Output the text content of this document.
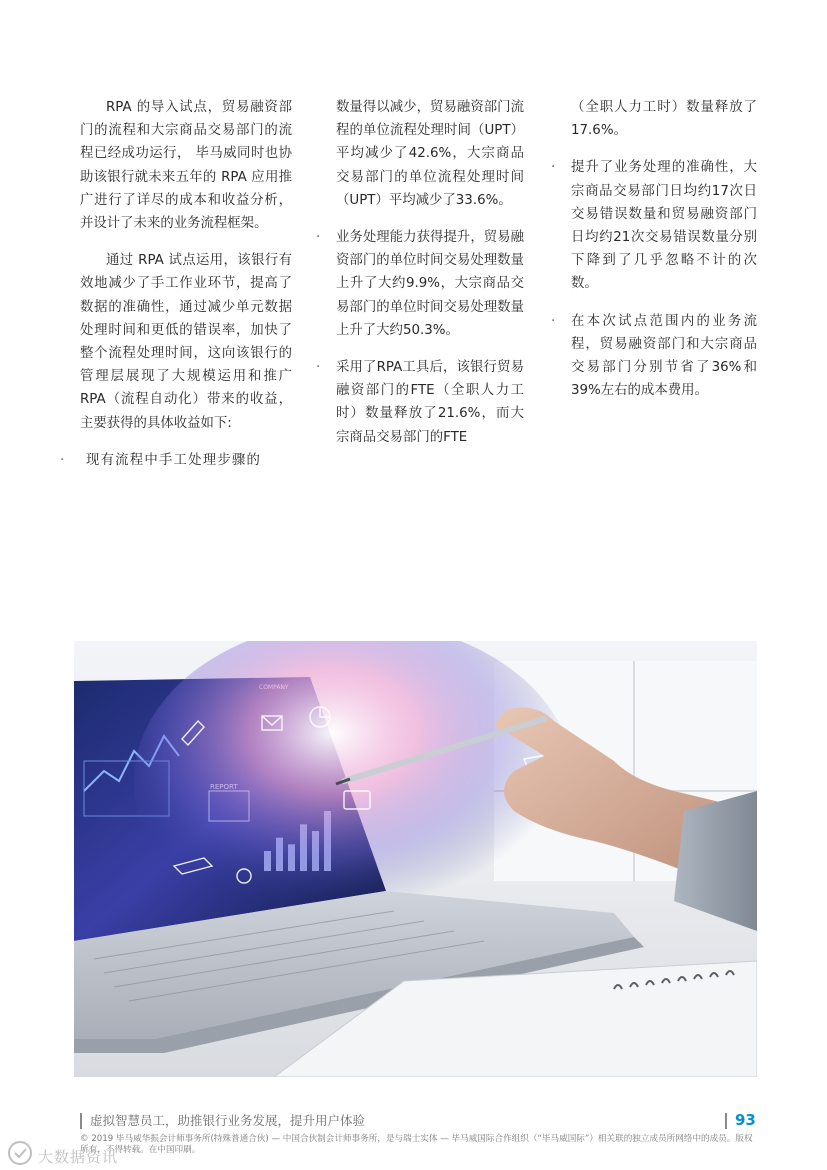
RPA 的导入试点，贸易融资部门的流程和大宗商品交易部门的流程已经成功运行， 毕马威同时也协助该银行就未来五年的 RPA 应用推广进行了详尽的成本和收益分析，并设计了未来的业务流程框架。

通过 RPA 试点运用，该银行有效地减少了手工作业环节，提高了数据的准确性，通过减少单元数据处理时间和更低的错误率，加快了整个流程处理时间，这向该银行的管理层展现了大规模运用和推广 RPA（流程自动化）带来的收益，主要获得的具体收益如下:

· 现有流程中手工处理步骤的

数量得以减少，贸易融资部门流程的单位流程处理时间（UPT）平均减少了42.6%，大宗商品交易部门的单位流程处理时间（UPT）平均减少了33.6%。

· 业务处理能力获得提升，贸易融资部门的单位时间交易处理数量上升了大约9.9%，大宗商品交易部门的单位时间交易处理数量上升了大约50.3%。
· 采用了RPA工具后，该银行贸易融资部门的FTE（全职人力工时）数量释放了21.6%，而大宗商品交易部门的FTE

（全职人力工时）数量释放了17.6%。

· 提升了业务处理的准确性，大宗商品交易部门日均约17次日交易错误数量和贸易融资部门日均约21次交易错误数量分别下降到了几乎忽略不计的次数。
· 在本次试点范围内的业务流程，贸易融资部门和大宗商品交易部门分别节省了36%和39%左右的成本费用。
虚拟智慧员工，助推银行业务发展，提升用户体验	93
© 2019 毕马威华振会计师事务所(特殊普通合伙) — 中国合伙制会计师事务所，是与瑞士实体 — 毕马威国际合作组织（“毕马威国际”）相关联的独立成员所网络中的成员。版权所有，不得转载。在中国印刷。
大数据资讯
